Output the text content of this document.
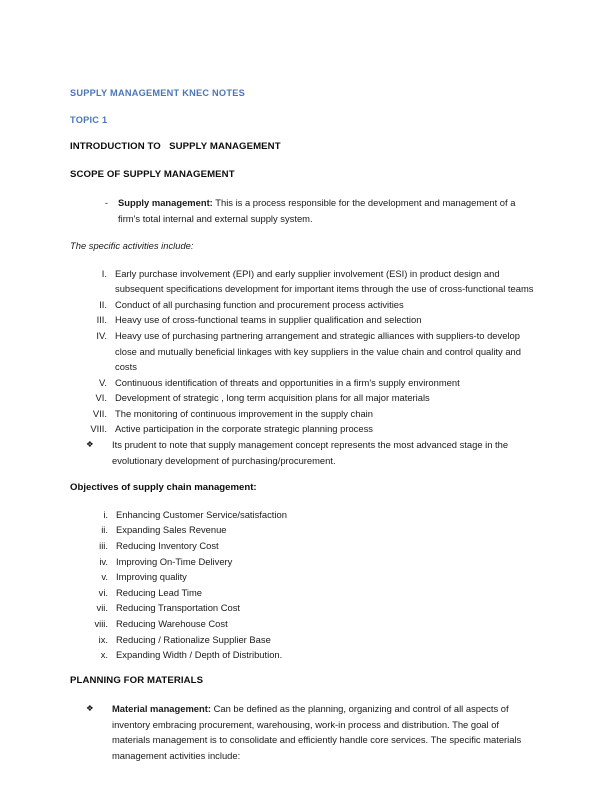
SUPPLY MANAGEMENT KNEC NOTES
TOPIC 1
INTRODUCTION TO   SUPPLY MANAGEMENT
SCOPE OF SUPPLY MANAGEMENT
-	Supply management: This is a process responsible for the development and management of a firm's total internal and external supply system.
The specific activities include:
I. Early purchase involvement (EPI) and early supplier involvement (ESI) in product design and subsequent specifications development for important items through the use of cross-functional teams
II. Conduct of all purchasing function and procurement process activities
III. Heavy use of cross-functional teams in supplier qualification and selection
IV. Heavy use of purchasing partnering arrangement and strategic alliances with suppliers-to develop close and mutually beneficial linkages with key suppliers in the value chain and control quality and costs
V. Continuous identification of threats and opportunities in a firm's supply environment
VI. Development of strategic , long term acquisition plans for all major materials
VII. The monitoring of continuous improvement in the supply chain
VIII. Active participation in the corporate strategic planning process
❖	Its prudent to note that supply management concept represents the most advanced stage in the evolutionary development of purchasing/procurement.
Objectives of supply chain management:
i. Enhancing Customer Service/satisfaction
ii. Expanding Sales Revenue
iii. Reducing Inventory Cost
iv. Improving On-Time Delivery
v. Improving quality
vi. Reducing Lead Time
vii. Reducing Transportation Cost
viii. Reducing Warehouse Cost
ix. Reducing / Rationalize Supplier Base
x. Expanding Width / Depth of Distribution.
PLANNING FOR MATERIALS
❖	Material management: Can be defined as the planning, organizing and control of all aspects of inventory embracing procurement, warehousing, work-in process and distribution. The goal of materials management is to consolidate and efficiently handle core services. The specific materials management activities include:
